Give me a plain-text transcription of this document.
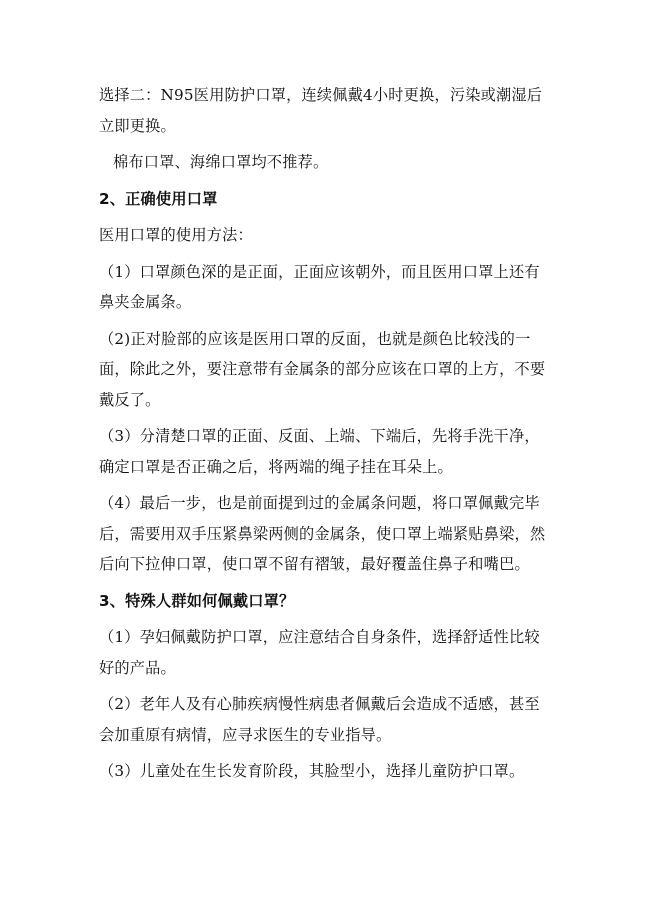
选择二：N95医用防护口罩，连续佩戴4小时更换，污染或潮湿后立即更换。

棉布口罩、海绵口罩均不推荐。

2、正确使用口罩

医用口罩的使用方法：

（1）口罩颜色深的是正面，正面应该朝外，而且医用口罩上还有鼻夹金属条。

（2)正对脸部的应该是医用口罩的反面，也就是颜色比较浅的一面，除此之外，要注意带有金属条的部分应该在口罩的上方，不要戴反了。

（3）分清楚口罩的正面、反面、上端、下端后，先将手洗干净，确定口罩是否正确之后，将两端的绳子挂在耳朵上。

（4）最后一步，也是前面提到过的金属条问题，将口罩佩戴完毕后，需要用双手压紧鼻梁两侧的金属条，使口罩上端紧贴鼻梁，然后向下拉伸口罩，使口罩不留有褶皱，最好覆盖住鼻子和嘴巴。

3、特殊人群如何佩戴口罩？

（1）孕妇佩戴防护口罩，应注意结合自身条件，选择舒适性比较好的产品。

（2）老年人及有心肺疾病慢性病患者佩戴后会造成不适感，甚至会加重原有病情，应寻求医生的专业指导。

（3）儿童处在生长发育阶段，其脸型小，选择儿童防护口罩。
